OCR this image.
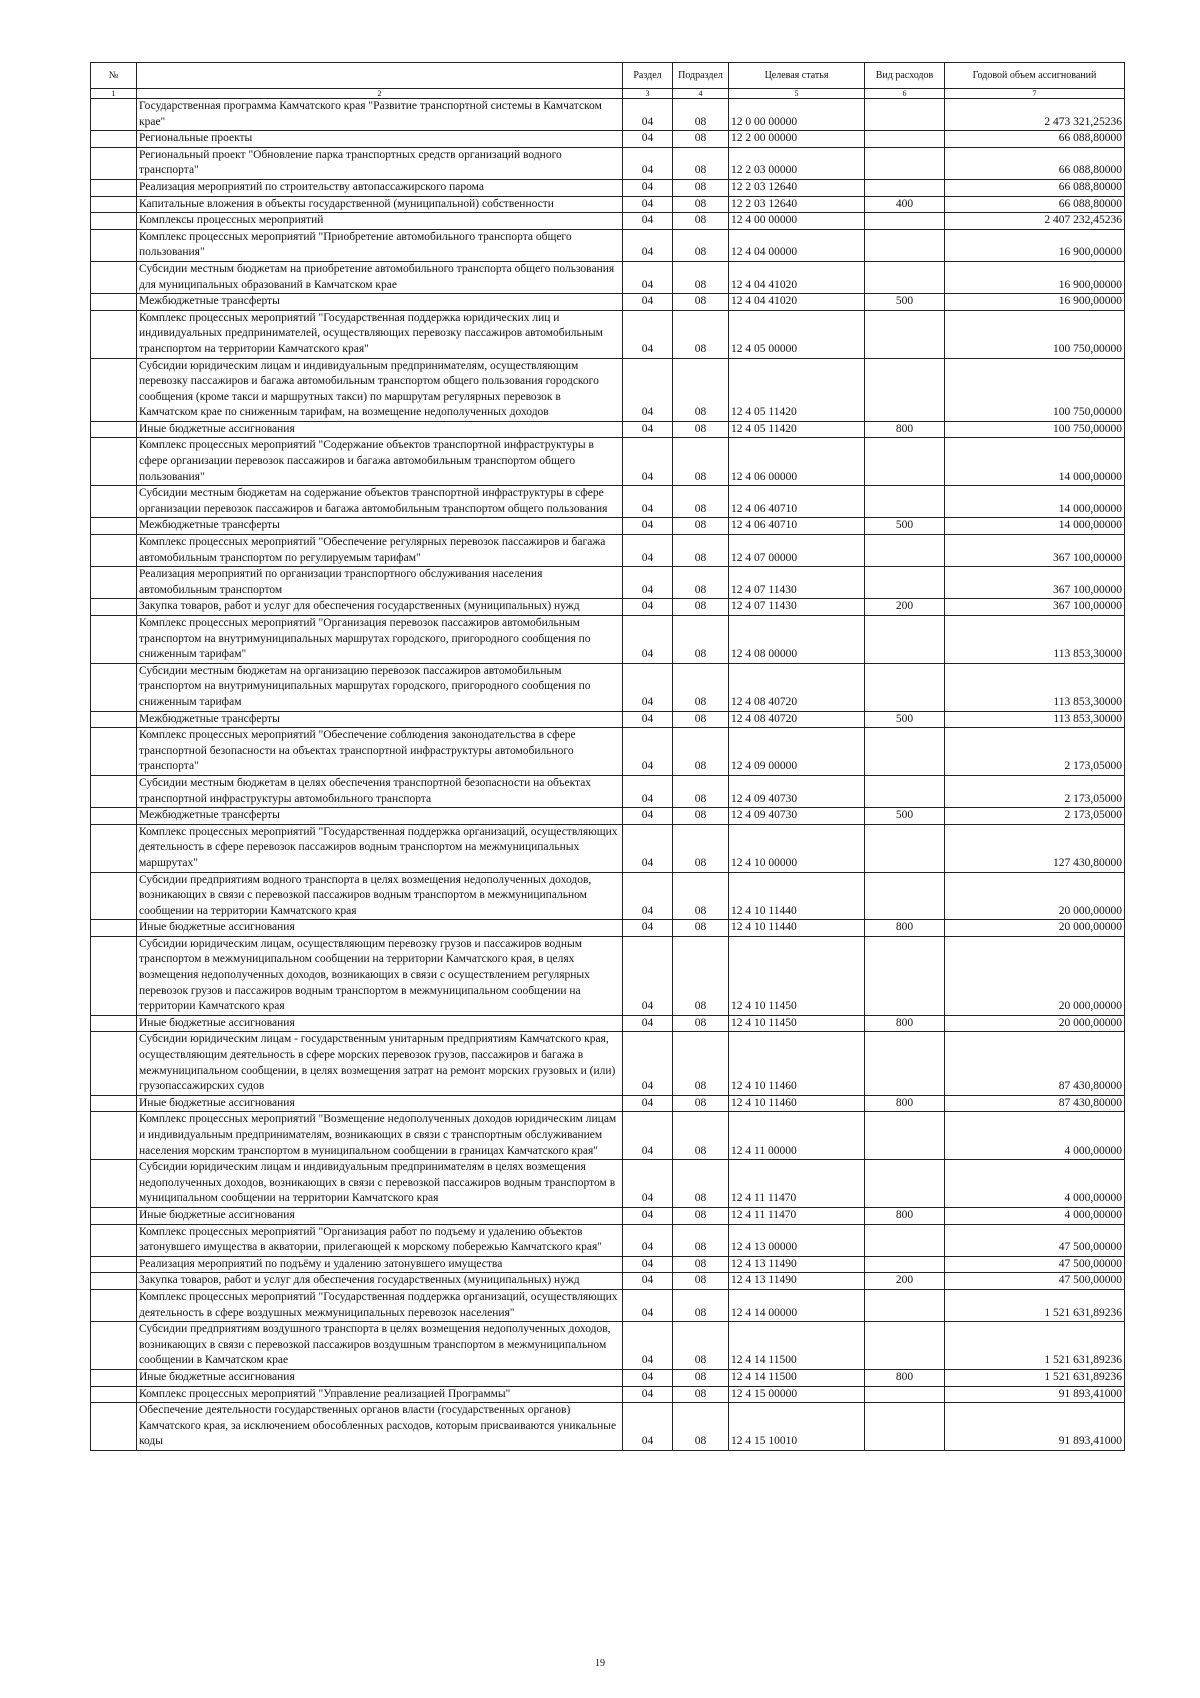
№		Раздел	Подраздел	Целевая статья	Вид расходов	Годовой объем ассигнований
1	2	3	4	5	6	7
	Государственная программа Камчатского края "Развитие транспортной системы в Камчатском крае"	04	08	12 0 00 00000		2 473 321,25236
	Региональные проекты	04	08	12 2 00 00000		66 088,80000
	Региональный проект "Обновление парка транспортных средств организаций водного транспорта"	04	08	12 2 03 00000		66 088,80000
	Реализация мероприятий по строительству автопассажирского парома	04	08	12 2 03 12640		66 088,80000
	Капитальные вложения в объекты государственной (муниципальной) собственности	04	08	12 2 03 12640	400	66 088,80000
	Комплексы процессных мероприятий	04	08	12 4 00 00000		2 407 232,45236
	Комплекс процессных мероприятий "Приобретение автомобильного транспорта общего пользования"	04	08	12 4 04 00000		16 900,00000
	Субсидии местным бюджетам на приобретение автомобильного транспорта общего пользования для муниципальных образований в Камчатском крае	04	08	12 4 04 41020		16 900,00000
	Межбюджетные трансферты	04	08	12 4 04 41020	500	16 900,00000
	Комплекс процессных мероприятий "Государственная поддержка юридических лиц и индивидуальных предпринимателей, осуществляющих перевозку пассажиров автомобильным транспортом на территории Камчатского края"	04	08	12 4 05 00000		100 750,00000
	Субсидии юридическим лицам и индивидуальным предпринимателям, осуществляющим перевозку пассажиров и багажа автомобильным транспортом общего пользования городского сообщения (кроме такси и маршрутных такси) по маршрутам регулярных перевозок в Камчатском крае по сниженным тарифам, на возмещение недополученных доходов	04	08	12 4 05 11420		100 750,00000
	Иные бюджетные ассигнования	04	08	12 4 05 11420	800	100 750,00000
	Комплекс процессных мероприятий "Содержание объектов транспортной инфраструктуры в сфере организации перевозок пассажиров и багажа автомобильным транспортом общего пользования"	04	08	12 4 06 00000		14 000,00000
	Субсидии местным бюджетам на содержание объектов транспортной инфраструктуры в сфере организации перевозок пассажиров и багажа автомобильным транспортом общего пользования	04	08	12 4 06 40710		14 000,00000
	Межбюджетные трансферты	04	08	12 4 06 40710	500	14 000,00000
	Комплекс процессных мероприятий "Обеспечение регулярных перевозок пассажиров и багажа автомобильным транспортом по регулируемым тарифам"	04	08	12 4 07 00000		367 100,00000
	Реализация мероприятий по организации транспортного обслуживания населения автомобильным транспортом	04	08	12 4 07 11430		367 100,00000
	Закупка товаров, работ и услуг для обеспечения государственных (муниципальных) нужд	04	08	12 4 07 11430	200	367 100,00000
	Комплекс процессных мероприятий "Организация перевозок пассажиров автомобильным транспортом на внутримуниципальных маршрутах городского, пригородного сообщения по сниженным тарифам"	04	08	12 4 08 00000		113 853,30000
	Субсидии местным бюджетам на организацию перевозок пассажиров автомобильным транспортом на внутримуниципальных маршрутах городского, пригородного сообщения по сниженным тарифам	04	08	12 4 08 40720		113 853,30000
	Межбюджетные трансферты	04	08	12 4 08 40720	500	113 853,30000
	Комплекс процессных мероприятий "Обеспечение соблюдения законодательства в сфере транспортной безопасности на объектах транспортной инфраструктуры автомобильного транспорта"	04	08	12 4 09 00000		2 173,05000
	Субсидии местным бюджетам в целях обеспечения транспортной безопасности на объектах транспортной инфраструктуры автомобильного транспорта	04	08	12 4 09 40730		2 173,05000
	Межбюджетные трансферты	04	08	12 4 09 40730	500	2 173,05000
	Комплекс процессных мероприятий "Государственная поддержка организаций, осуществляющих деятельность в сфере перевозок пассажиров водным транспортом на межмуниципальных маршрутах"	04	08	12 4 10 00000		127 430,80000
	Субсидии предприятиям водного транспорта в целях возмещения недополученных доходов, возникающих в связи с перевозкой пассажиров водным транспортом в межмуниципальном сообщении на территории Камчатского края	04	08	12 4 10 11440		20 000,00000
	Иные бюджетные ассигнования	04	08	12 4 10 11440	800	20 000,00000
	Субсидии юридическим лицам, осуществляющим перевозку грузов и пассажиров водным транспортом в межмуниципальном сообщении на территории Камчатского края, в целях возмещения недополученных доходов, возникающих в связи с осуществлением регулярных перевозок грузов и пассажиров водным транспортом в межмуниципальном сообщении на территории Камчатского края	04	08	12 4 10 11450		20 000,00000
	Иные бюджетные ассигнования	04	08	12 4 10 11450	800	20 000,00000
	Субсидии юридическим лицам - государственным унитарным предприятиям Камчатского края, осуществляющим деятельность в сфере морских перевозок грузов, пассажиров и багажа в межмуниципальном сообщении, в целях возмещения затрат на ремонт морских грузовых и (или) грузопассажирских судов	04	08	12 4 10 11460		87 430,80000
	Иные бюджетные ассигнования	04	08	12 4 10 11460	800	87 430,80000
	Комплекс процессных мероприятий "Возмещение недополученных доходов юридическим лицам и индивидуальным предпринимателям, возникающих в связи с транспортным обслуживанием населения морским транспортом в муниципальном сообщении в границах Камчатского края"	04	08	12 4 11 00000		4 000,00000
	Субсидии юридическим лицам и индивидуальным предпринимателям в целях возмещения недополученных доходов, возникающих в связи с перевозкой пассажиров водным транспортом в муниципальном сообщении на территории Камчатского края	04	08	12 4 11 11470		4 000,00000
	Иные бюджетные ассигнования	04	08	12 4 11 11470	800	4 000,00000
	Комплекс процессных мероприятий "Организация работ по подъему и удалению объектов затонувшего имущества в акватории, прилегающей к морскому побережью Камчатского края"	04	08	12 4 13 00000		47 500,00000
	Реализация мероприятий по подъёму и удалению затонувшего имущества	04	08	12 4 13 11490		47 500,00000
	Закупка товаров, работ и услуг для обеспечения государственных (муниципальных) нужд	04	08	12 4 13 11490	200	47 500,00000
	Комплекс процессных мероприятий "Государственная поддержка организаций, осуществляющих деятельность в сфере воздушных межмуниципальных перевозок населения"	04	08	12 4 14 00000		1 521 631,89236
	Субсидии предприятиям воздушного транспорта в целях возмещения недополученных доходов, возникающих в связи с перевозкой пассажиров воздушным транспортом в межмуниципальном сообщении в Камчатском крае	04	08	12 4 14 11500		1 521 631,89236
	Иные бюджетные ассигнования	04	08	12 4 14 11500	800	1 521 631,89236
	Комплекс процессных мероприятий "Управление реализацией Программы"	04	08	12 4 15 00000		91 893,41000
	Обеспечение деятельности государственных органов власти (государственных органов) Камчатского края, за исключением обособленных расходов, которым присваиваются уникальные коды	04	08	12 4 15 10010		91 893,41000
19
